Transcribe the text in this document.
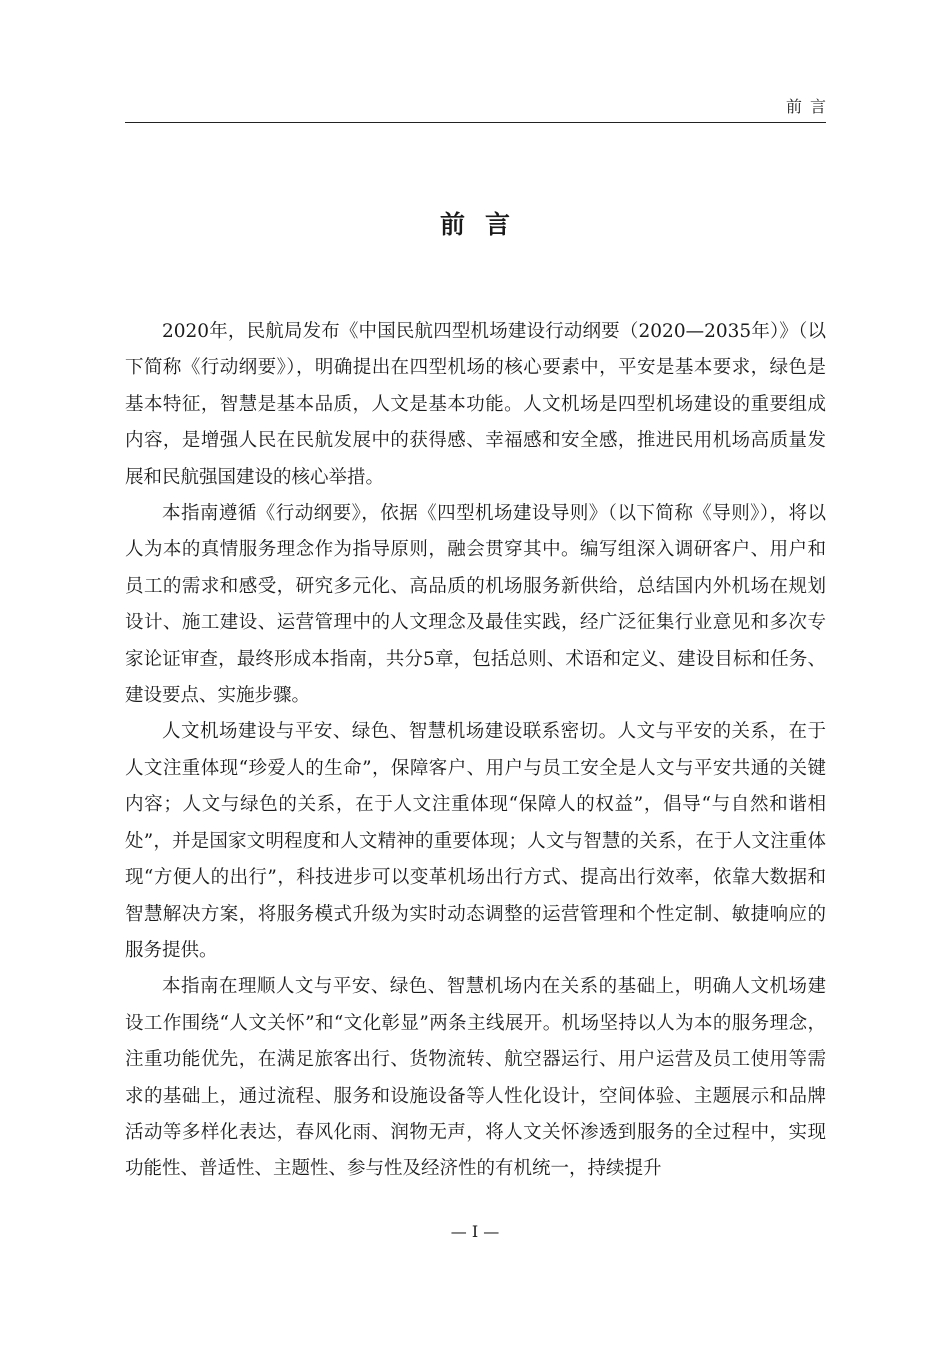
前言
前言

2020年，民航局发布《中国民航四型机场建设行动纲要（2020—2035年）》（以下简称《行动纲要》），明确提出在四型机场的核心要素中，平安是基本要求，绿色是基本特征，智慧是基本品质，人文是基本功能。人文机场是四型机场建设的重要组成内容，是增强人民在民航发展中的获得感、幸福感和安全感，推进民用机场高质量发展和民航强国建设的核心举措。

本指南遵循《行动纲要》，依据《四型机场建设导则》（以下简称《导则》），将以人为本的真情服务理念作为指导原则，融会贯穿其中。编写组深入调研客户、用户和员工的需求和感受，研究多元化、高品质的机场服务新供给，总结国内外机场在规划设计、施工建设、运营管理中的人文理念及最佳实践，经广泛征集行业意见和多次专家论证审查，最终形成本指南，共分5章，包括总则、术语和定义、建设目标和任务、建设要点、实施步骤。

人文机场建设与平安、绿色、智慧机场建设联系密切。人文与平安的关系，在于人文注重体现“珍爱人的生命”，保障客户、用户与员工安全是人文与平安共通的关键内容；人文与绿色的关系，在于人文注重体现“保障人的权益”，倡导“与自然和谐相处”，并是国家文明程度和人文精神的重要体现；人文与智慧的关系，在于人文注重体现“方便人的出行”，科技进步可以变革机场出行方式、提高出行效率，依靠大数据和智慧解决方案，将服务模式升级为实时动态调整的运营管理和个性定制、敏捷响应的服务提供。

本指南在理顺人文与平安、绿色、智慧机场内在关系的基础上，明确人文机场建设工作围绕“人文关怀”和“文化彰显”两条主线展开。机场坚持以人为本的服务理念，注重功能优先，在满足旅客出行、货物流转、航空器运行、用户运营及员工使用等需求的基础上，通过流程、服务和设施设备等人性化设计，空间体验、主题展示和品牌活动等多样化表达，春风化雨、润物无声，将人文关怀渗透到服务的全过程中，实现功能性、普适性、主题性、参与性及经济性的有机统一，持续提升

— I —
